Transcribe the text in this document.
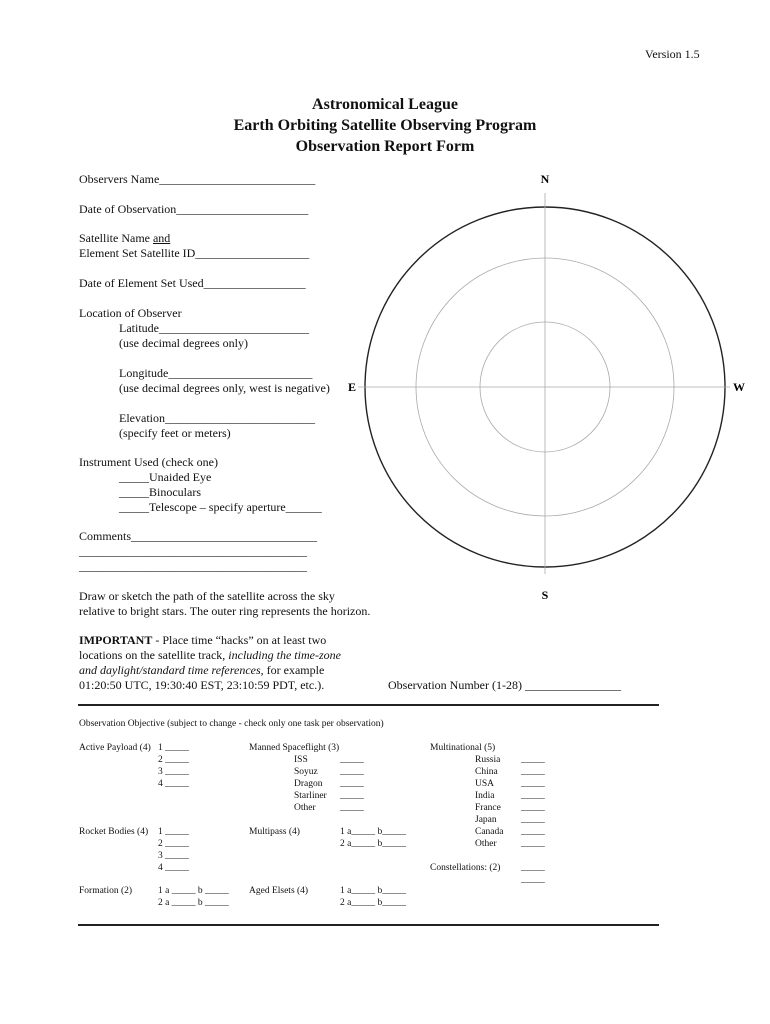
Version 1.5
Astronomical League
Earth Orbiting Satellite Observing Program
Observation Report Form
Observers Name__________________________
Date of Observation______________________
Satellite Name and
Element Set Satellite ID___________________
Date of Element Set Used_________________
Location of Observer
Latitude_________________________
(use decimal degrees only)
Longitude________________________
(use decimal degrees only, west is negative)
Elevation_________________________
(specify feet or meters)
Instrument Used (check one)
_____Unaided Eye
_____Binoculars
_____Telescope – specify aperture______
Comments_______________________________
______________________________________
______________________________________
Draw or sketch the path of the satellite across the sky
relative to bright stars. The outer ring represents the horizon.
IMPORTANT - Place time “hacks” on at least two
locations on the satellite track, including the time-zone
and daylight/standard time references, for example
01:20:50 UTC, 19:30:40 EST, 23:10:59 PDT, etc.).	Observation Number (1-28) ________________
N
S
E	W
Observation Objective (subject to change - check only one task per observation)
Active Payload (4) 1 _____
2 _____
3 _____
4 _____
Rocket Bodies (4) 1 _____
2 _____
3 _____
4 _____
Formation (2)	1 a _____ b _____
2 a _____ b _____
Manned Spaceflight (3)
ISS	_____
Soyuz _____
Dragon _____
Starliner _____
Other	_____
Multipass (4)	1 a_____ b_____
2 a_____ b_____
Aged Elsets (4)	1 a_____ b_____
2 a_____ b_____
Multinational (5)
Russia _____
China _____
USA	_____
India	_____
France _____
Japan	_____
Canada _____
Other	_____
Constellations: (2) _____
_____
